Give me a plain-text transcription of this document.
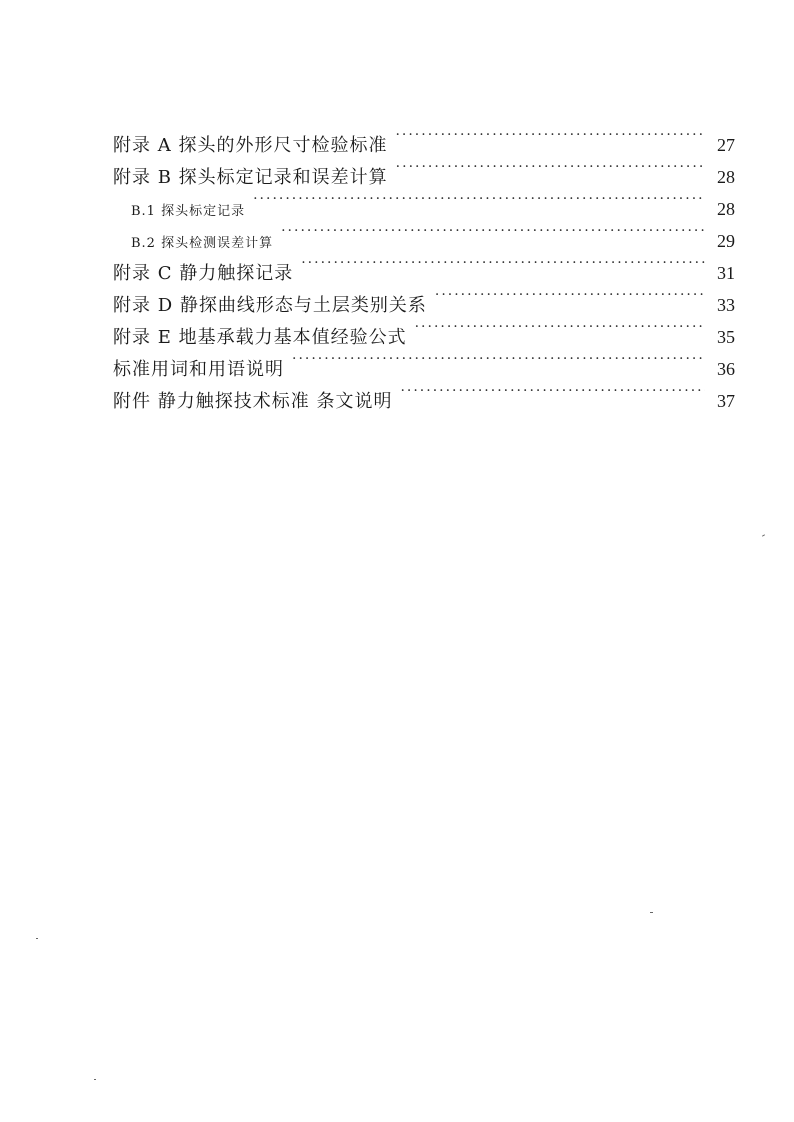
附录 A 探头的外形尺寸检验标准 ·····	27
附录 B 探头标定记录和误差计算 ·····	28
B.1 探头标定记录 ·····	28
B.2 探头检测误差计算 ·····	29
附录 C 静力触探记录 ·····	31
附录 D 静探曲线形态与土层类别关系 ·····	33
附录 E 地基承载力基本值经验公式 ·····	35
标准用词和用语说明 ·····	36
附件 静力触探技术标准 条文说明 ·····	37
